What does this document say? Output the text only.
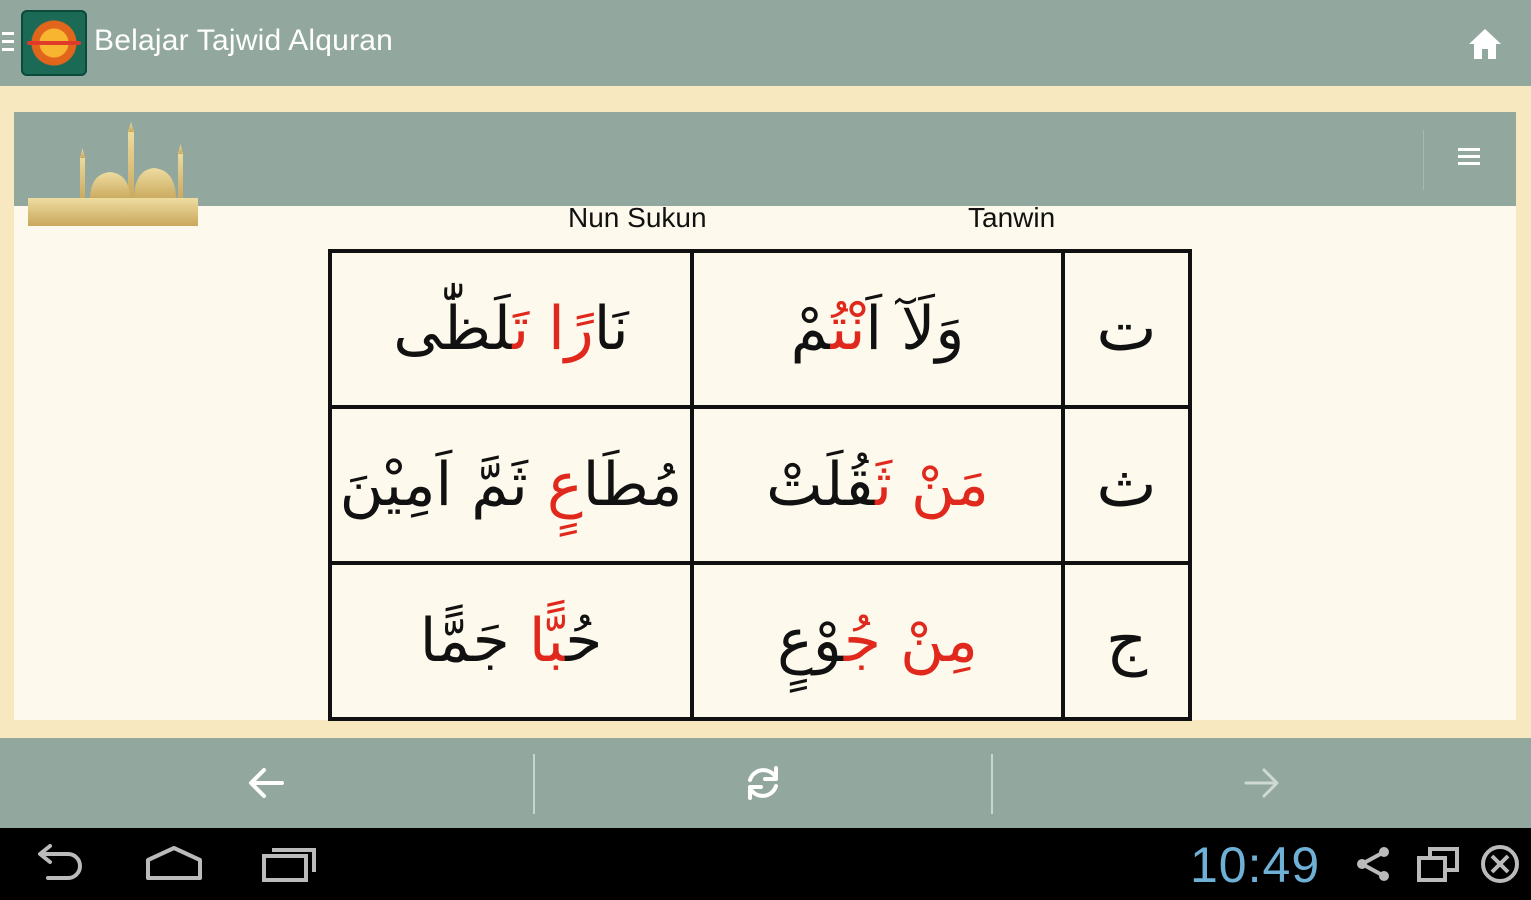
Belajar Tajwid Alquran
Nun Sukun	Tanwin
نَارًا تَلَظّٰى	وَلَآ اَنْتُمْ	ت
مُطَاعٍ ثَمَّ اَمِيْنَ	مَنْ ثَقُلَتْ	ث
حُبًّا جَمًّا	مِنْ جُوْعٍ	ج
10:49
